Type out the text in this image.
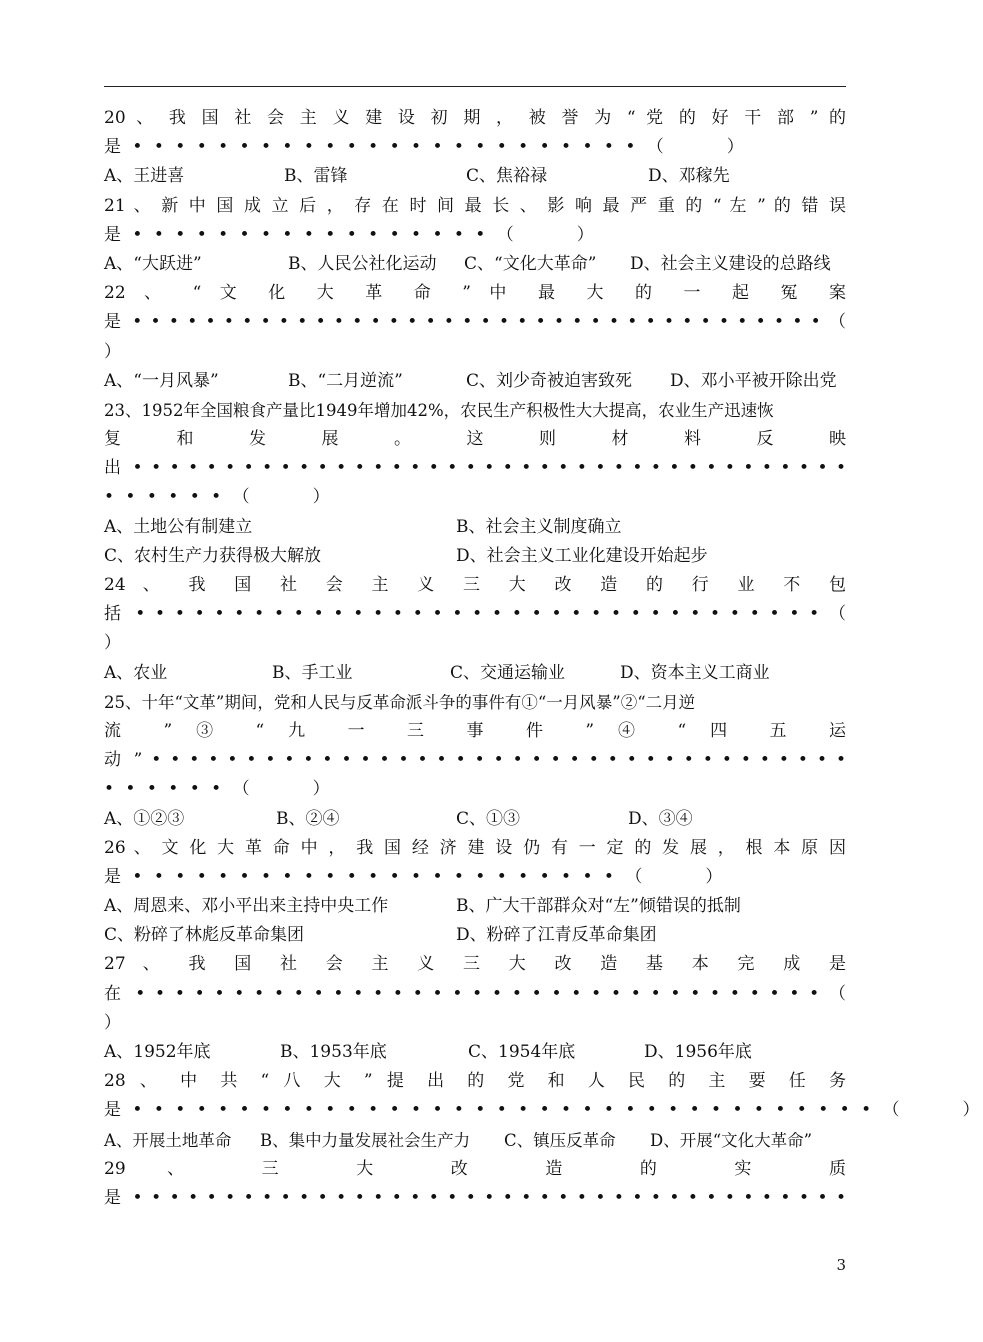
20 、 我 国 社 会 主 义 建 设 初 期 ， 被 誉 为 “ 党 的 好 干 部 ” 的
是 • • • • • • • • • • • • • • • • • • • • • • • • （　　　）
A、王进喜	B、雷锋	C、焦裕禄	D、邓稼先
21 、 新 中 国 成 立 后 ， 存 在 时 间 最 长 、 影 响 最 严 重 的 “ 左 ” 的 错 误
是 • • • • • • • • • • • • • • • • • （　　　）
A、“大跃进”	B、人民公社化运动	C、“文化大革命”	D、社会主义建设的总路线
22 、 “ 文 化 大 革 命 ” 中 最 大 的 一 起 冤 案
是 • • • • • • • • • • • • • • • • • • • • • • • • • • • • • • • • • • • • • • （
）
A、“一月风暴”	B、“二月逆流”	C、刘少奇被迫害致死	D、邓小平被开除出党
23、1952年全国粮食产量比1949年增加42%，农民生产积极性大大提高，农业生产迅速恢
复 和 发 展 。 这 则 材 料 反 映
出 • • • • • • • • • • • • • • • • • • • • • • • • • • • • • • • • • • • • • • •
• • • • • • （　　　）
A、土地公有制建立	B、社会主义制度确立
C、农村生产力获得极大解放	D、社会主义工业化建设开始起步
24 、 我 国 社 会 主 义 三 大 改 造 的 行 业 不 包
括 • • • • • • • • • • • • • • • • • • • • • • • • • • • • • • • • • • • （
）
A、农业	B、手工业	C、交通运输业	D、资本主义工商业
25、十年“文革”期间，党和人民与反革命派斗争的事件有①“一月风暴”②“二月逆
流 ” ③ “ 九 一 三 事 件 ” ④ “ 四 五 运
动 ” • • • • • • • • • • • • • • • • • • • • • • • • • • • • • • • • • • • • •
• • • • • • （　　　）
A、①②③	B、②④	C、①③	D、③④
26 、 文 化 大 革 命 中 ， 我 国 经 济 建 设 仍 有 一 定 的 发 展 ， 根 本 原 因
是 • • • • • • • • • • • • • • • • • • • • • • • （　　　）
A、周恩来、邓小平出来主持中央工作	B、广大干部群众对“左”倾错误的抵制
C、粉碎了林彪反革命集团	D、粉碎了江青反革命集团
27 、 我 国 社 会 主 义 三 大 改 造 基 本 完 成 是
在 • • • • • • • • • • • • • • • • • • • • • • • • • • • • • • • • • • • （
）
A、1952年底	B、1953年底	C、1954年底	D、1956年底
28 、 中 共 “ 八 大 ” 提 出 的 党 和 人 民 的 主 要 任 务
是 • • • • • • • • • • • • • • • • • • • • • • • • • • • • • • • • • • • （　　　）
A、开展土地革命	B、集中力量发展社会生产力	C、镇压反革命	D、开展“文化大革命”
29 、 三 大 改 造 的 实 质
是 • • • • • • • • • • • • • • • • • • • • • • • • • • • • • • • • • • • • • • •
3
